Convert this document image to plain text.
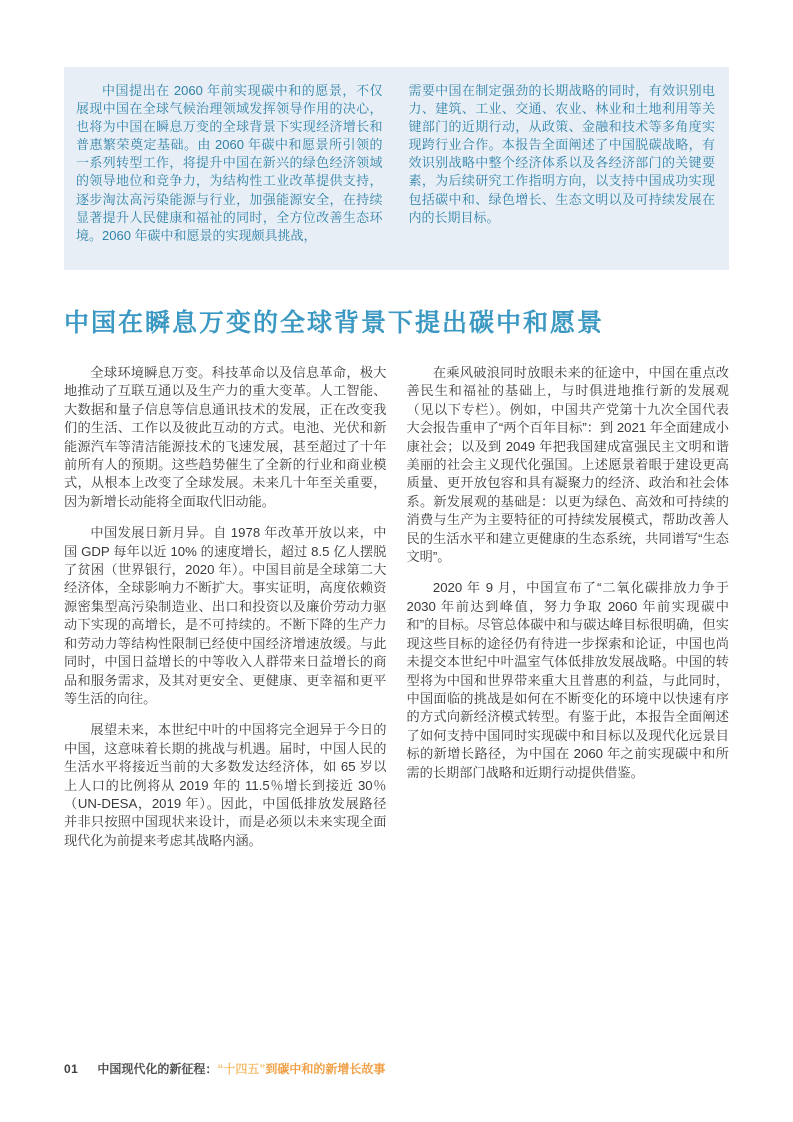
中国提出在 2060 年前实现碳中和的愿景，不仅展现中国在全球气候治理领域发挥领导作用的决心，也将为中国在瞬息万变的全球背景下实现经济增长和普惠繁荣奠定基础。由 2060 年碳中和愿景所引领的一系列转型工作，将提升中国在新兴的绿色经济领域的领导地位和竞争力，为结构性工业改革提供支持，逐步淘汰高污染能源与行业，加强能源安全，在持续显著提升人民健康和福祉的同时，全方位改善生态环境。2060 年碳中和愿景的实现颇具挑战，

需要中国在制定强劲的长期战略的同时，有效识别电力、建筑、工业、交通、农业、林业和土地利用等关键部门的近期行动，从政策、金融和技术等多角度实现跨行业合作。本报告全面阐述了中国脱碳战略，有效识别战略中整个经济体系以及各经济部门的关键要素，为后续研究工作指明方向，以支持中国成功实现包括碳中和、绿色增长、生态文明以及可持续发展在内的长期目标。

中国在瞬息万变的全球背景下提出碳中和愿景

全球环境瞬息万变。科技革命以及信息革命，极大地推动了互联互通以及生产力的重大变革。人工智能、大数据和量子信息等信息通讯技术的发展，正在改变我们的生活、工作以及彼此互动的方式。电池、光伏和新能源汽车等清洁能源技术的飞速发展，甚至超过了十年前所有人的预期。这些趋势催生了全新的行业和商业模式，从根本上改变了全球发展。未来几十年至关重要，因为新增长动能将全面取代旧动能。

中国发展日新月异。自 1978 年改革开放以来，中国 GDP 每年以近 10% 的速度增长，超过 8.5 亿人摆脱了贫困（世界银行，2020 年）。中国目前是全球第二大经济体，全球影响力不断扩大。事实证明，高度依赖资源密集型高污染制造业、出口和投资以及廉价劳动力驱动下实现的高增长，是不可持续的。不断下降的生产力和劳动力等结构性限制已经使中国经济增速放缓。与此同时，中国日益增长的中等收入人群带来日益增长的商品和服务需求，及其对更安全、更健康、更幸福和更平等生活的向往。

展望未来，本世纪中叶的中国将完全迥异于今日的中国，这意味着长期的挑战与机遇。届时，中国人民的生活水平将接近当前的大多数发达经济体，如 65 岁以上人口的比例将从 2019 年的 11.5％增长到接近 30％（UN-DESA，2019 年）。因此，中国低排放发展路径并非只按照中国现状来设计，而是必须以未来实现全面现代化为前提来考虑其战略内涵。

在乘风破浪同时放眼未来的征途中，中国在重点改善民生和福祉的基础上，与时俱进地推行新的发展观（见以下专栏）。例如，中国共产党第十九次全国代表大会报告重申了“两个百年目标”：到 2021 年全面建成小康社会；以及到 2049 年把我国建成富强民主文明和谐美丽的社会主义现代化强国。上述愿景着眼于建设更高质量、更开放包容和具有凝聚力的经济、政治和社会体系。新发展观的基础是：以更为绿色、高效和可持续的消费与生产为主要特征的可持续发展模式，帮助改善人民的生活水平和建立更健康的生态系统，共同谱写“生态文明”。

2020 年 9 月，中国宣布了“二氧化碳排放力争于 2030 年前达到峰值，努力争取 2060 年前实现碳中和”的目标。尽管总体碳中和与碳达峰目标很明确，但实现这些目标的途径仍有待进一步探索和论证，中国也尚未提交本世纪中叶温室气体低排放发展战略。中国的转型将为中国和世界带来重大且普惠的利益，与此同时，中国面临的挑战是如何在不断变化的环境中以快速有序的方式向新经济模式转型。有鉴于此，本报告全面阐述了如何支持中国同时实现碳中和目标以及现代化远景目标的新增长路径，为中国在 2060 年之前实现碳中和所需的长期部门战略和近期行动提供借鉴。

01 中国现代化的新征程：“十四五”到碳中和的新增长故事
